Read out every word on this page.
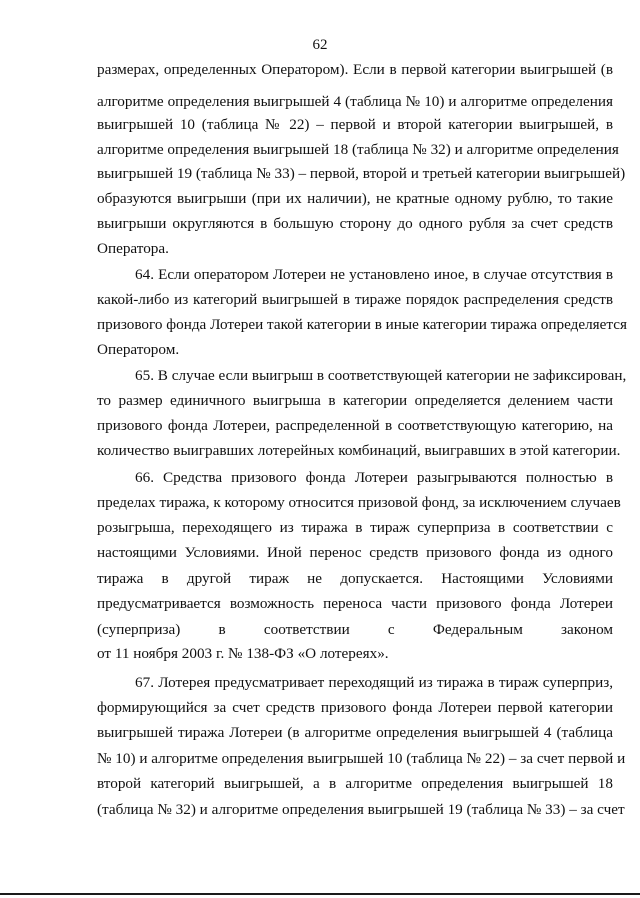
62
размерах, определенных Оператором). Если в первой категории выигрышей (в
алгоритме определения выигрышей 4 (таблица № 10) и алгоритме определения
выигрышей 10 (таблица № 22) – первой и второй категории выигрышей, в
алгоритме определения выигрышей 18 (таблица № 32) и алгоритме определения
выигрышей 19 (таблица № 33) – первой, второй и третьей категории выигрышей)
образуются выигрыши (при их наличии), не кратные одному рублю, то такие
выигрыши округляются в большую сторону до одного рубля за счет средств
Оператора.
64. Если оператором Лотереи не установлено иное, в случае отсутствия в
какой-либо из категорий выигрышей в тираже порядок распределения средств
призового фонда Лотереи такой категории в иные категории тиража определяется
Оператором.
65. В случае если выигрыш в соответствующей категории не зафиксирован,
то размер единичного выигрыша в категории определяется делением части
призового фонда Лотереи, распределенной в соответствующую категорию, на
количество выигравших лотерейных комбинаций, выигравших в этой категории.
66. Средства призового фонда Лотереи разыгрываются полностью в
пределах тиража, к которому относится призовой фонд, за исключением случаев
розыгрыша, переходящего из тиража в тираж суперприза в соответствии с
настоящими Условиями. Иной перенос средств призового фонда из одного
тиража в другой тираж не допускается. Настоящими Условиями
предусматривается возможность переноса части призового фонда Лотереи
(суперприза) в соответствии с Федеральным законом
от 11 ноября 2003 г. № 138-ФЗ «О лотереях».
67. Лотерея предусматривает переходящий из тиража в тираж суперприз,
формирующийся за счет средств призового фонда Лотереи первой категории
выигрышей тиража Лотереи (в алгоритме определения выигрышей 4 (таблица
№ 10) и алгоритме определения выигрышей 10 (таблица № 22) – за счет первой и
второй категорий выигрышей, а в алгоритме определения выигрышей 18
(таблица № 32) и алгоритме определения выигрышей 19 (таблица № 33) – за счет
